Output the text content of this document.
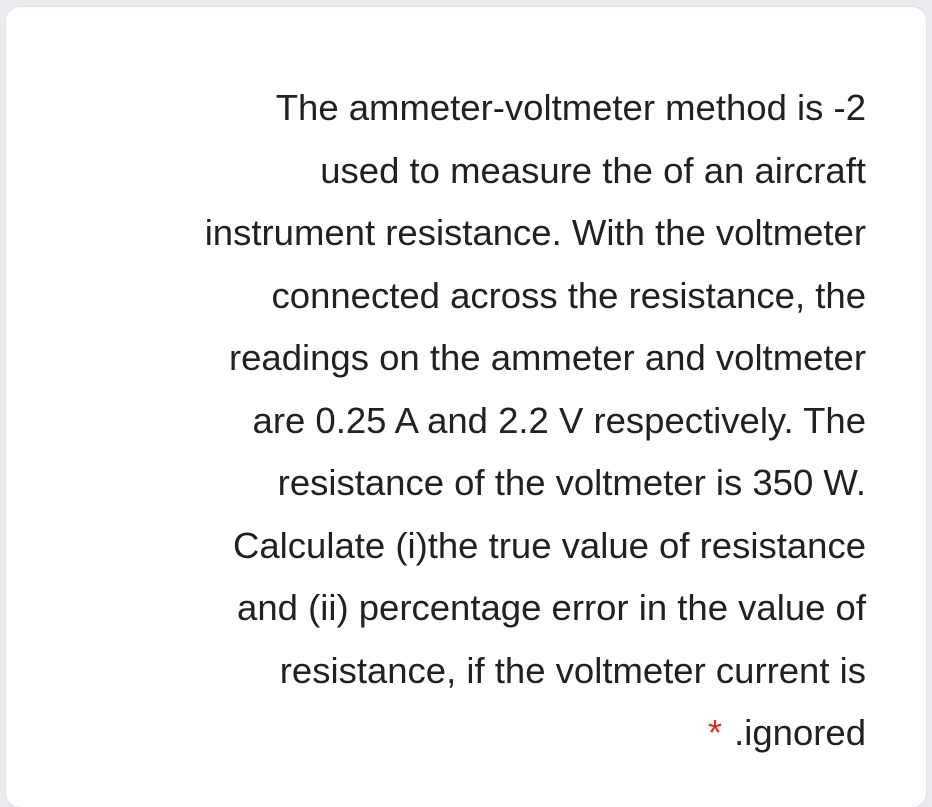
The ammeter-voltmeter method is -2
used to measure the of an aircraft
instrument resistance. With the voltmeter
connected across the resistance, the
readings on the ammeter and voltmeter
are 0.25 A and 2.2 V respectively. The
resistance of the voltmeter is 350 W.
Calculate (i)the true value of resistance
and (ii) percentage error in the value of
resistance, if the voltmeter current is
* .ignored
